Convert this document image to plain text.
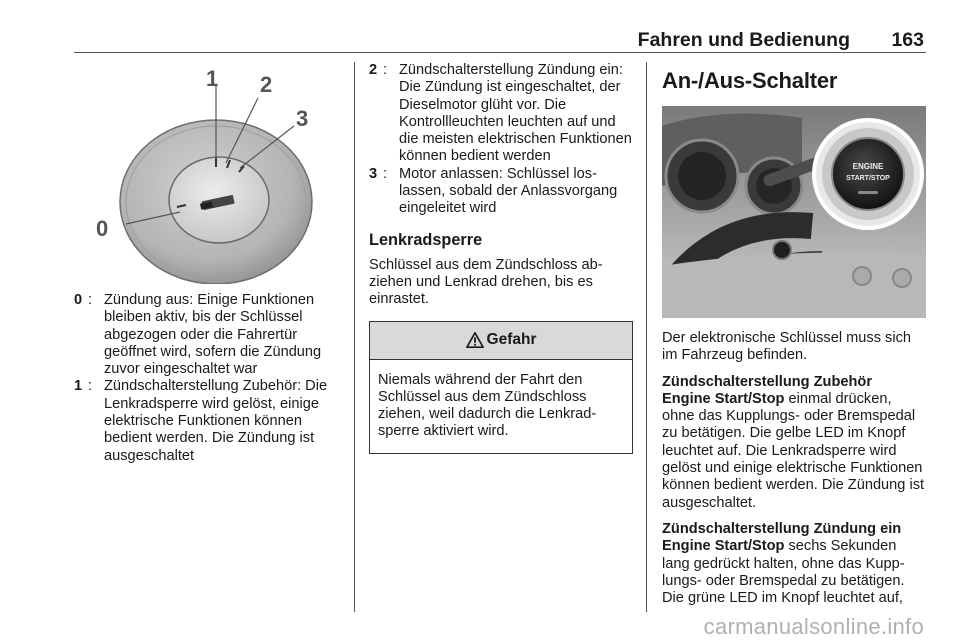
Fahren und Bedienung 163
1 2
3
0
0 : Zündung aus: Einige Funktionen bleiben aktiv, bis der Schlüssel abgezogen oder die Fahrertür geöffnet wird, sofern die Zündung zuvor eingeschaltet war
1 : Zündschalterstellung Zubehör: Die Lenkradsperre wird gelöst, einige elektrische Funktionen können bedient werden. Die Zündung ist ausgeschaltet
2 : Zündschalterstellung Zündung ein: Die Zündung ist eingeschaltet, der Dieselmotor glüht vor. Die Kontrollleuchten leuchten auf und die meisten elektrischen Funktionen können bedient werden
3 : Motor anlassen: Schlüssel loslassen, sobald der Anlassvorgang eingeleitet wird
Lenkradsperre

Schlüssel aus dem Zündschloss abziehen und Lenkrad drehen, bis es einrastet.

Gefahr
Niemals während der Fahrt den Schlüssel aus dem Zündschloss ziehen, weil dadurch die Lenkradsperre aktiviert wird.
An-/Aus-Schalter
ENGINE
START/STOP

Der elektronische Schlüssel muss sich im Fahrzeug befinden.

Zündschalterstellung Zubehör
Engine Start/Stop einmal drücken, ohne das Kupplungs- oder Bremspedal zu betätigen. Die gelbe LED im Knopf leuchtet auf. Die Lenkradsperre wird gelöst und einige elektrische Funktionen können bedient werden. Die Zündung ist ausgeschaltet.

Zündschalterstellung Zündung ein
Engine Start/Stop sechs Sekunden lang gedrückt halten, ohne das Kupplungs- oder Bremspedal zu betätigen. Die grüne LED im Knopf leuchtet auf,

carmanualsonline.info
